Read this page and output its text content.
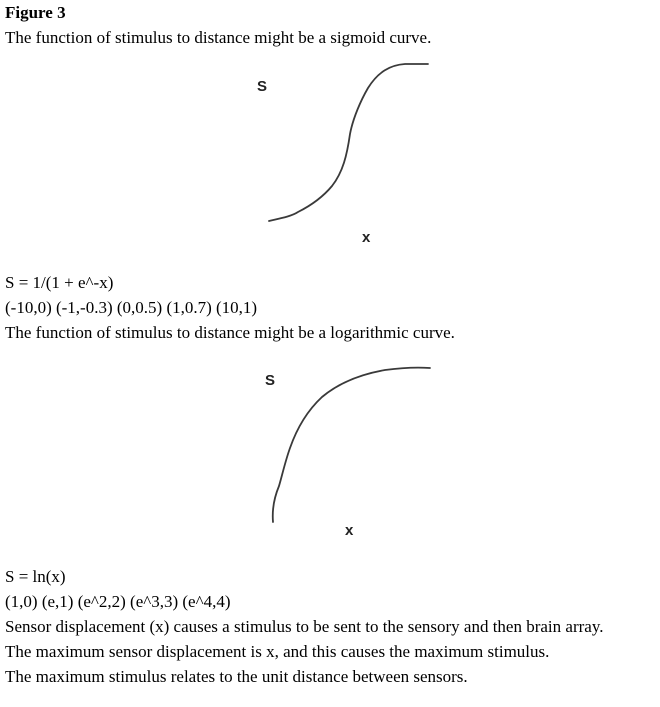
Figure 3
The function of stimulus to distance might be a sigmoid curve.
S
x
S = 1/(1 + e^-x)
(-10,0) (-1,-0.3) (0,0.5) (1,0.7) (10,1)
The function of stimulus to distance might be a logarithmic curve.
S
x
S = ln(x)
(1,0) (e,1) (e^2,2) (e^3,3) (e^4,4)
Sensor displacement (x) causes a stimulus to be sent to the sensory and then brain array.
The maximum sensor displacement is x, and this causes the maximum stimulus.
The maximum stimulus relates to the unit distance between sensors.
